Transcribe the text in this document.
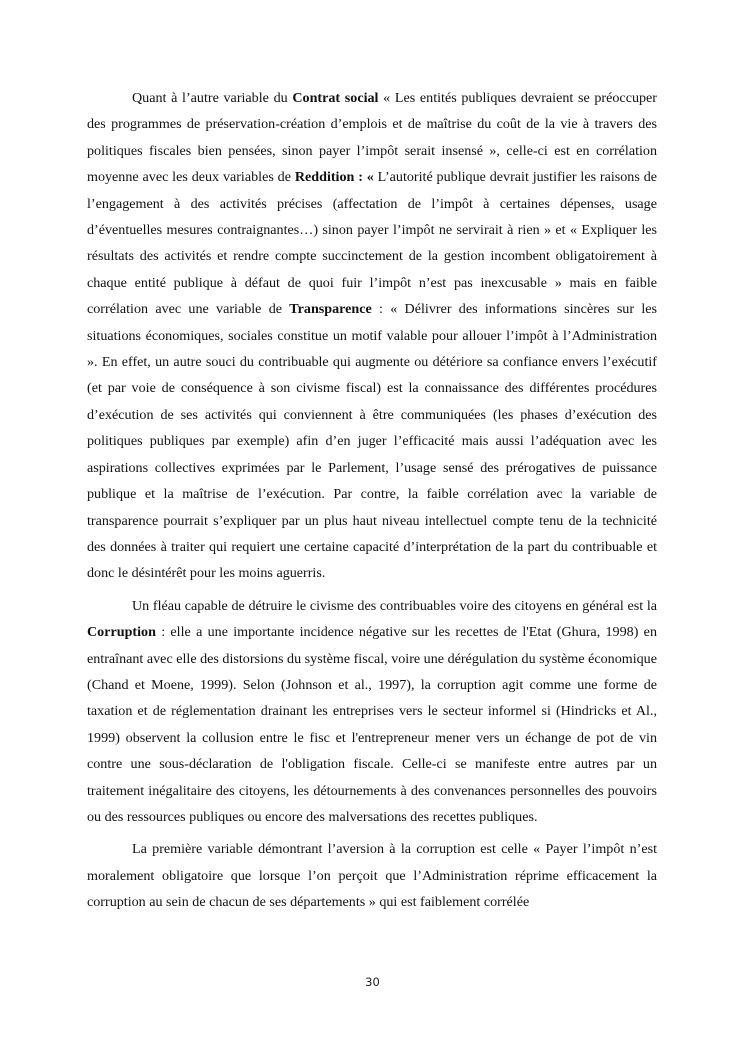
Quant à l’autre variable du Contrat social « Les entités publiques devraient se préoccuper des programmes de préservation-création d’emplois et de maîtrise du coût de la vie à travers des politiques fiscales bien pensées, sinon payer l’impôt serait insensé », celle-ci est en corrélation moyenne avec les deux variables de Reddition : « L’autorité publique devrait justifier les raisons de l’engagement à des activités précises (affectation de l’impôt à certaines dépenses, usage d’éventuelles mesures contraignantes…) sinon payer l’impôt ne servirait à rien » et « Expliquer les résultats des activités et rendre compte succinctement de la gestion incombent obligatoirement à chaque entité publique à défaut de quoi fuir l’impôt n’est pas inexcusable » mais en faible corrélation avec une variable de Transparence : « Délivrer des informations sincères sur les situations économiques, sociales constitue un motif valable pour allouer l’impôt à l’Administration ». En effet, un autre souci du contribuable qui augmente ou détériore sa confiance envers l’exécutif (et par voie de conséquence à son civisme fiscal) est la connaissance des différentes procédures d’exécution de ses activités qui conviennent à être communiquées (les phases d’exécution des politiques publiques par exemple) afin d’en juger l’efficacité mais aussi l’adéquation avec les aspirations collectives exprimées par le Parlement, l’usage sensé des prérogatives de puissance publique et la maîtrise de l’exécution. Par contre, la faible corrélation avec la variable de transparence pourrait s’expliquer par un plus haut niveau intellectuel compte tenu de la technicité des données à traiter qui requiert une certaine capacité d’interprétation de la part du contribuable et donc le désintérêt pour les moins aguerris.

Un fléau capable de détruire le civisme des contribuables voire des citoyens en général est la Corruption : elle a une importante incidence négative sur les recettes de l'Etat (Ghura, 1998) en entraînant avec elle des distorsions du système fiscal, voire une dérégulation du système économique (Chand et Moene, 1999). Selon (Johnson et al., 1997), la corruption agit comme une forme de taxation et de réglementation drainant les entreprises vers le secteur informel si (Hindricks et Al., 1999) observent la collusion entre le fisc et l'entrepreneur mener vers un échange de pot de vin contre une sous-déclaration de l'obligation fiscale. Celle-ci se manifeste entre autres par un traitement inégalitaire des citoyens, les détournements à des convenances personnelles des pouvoirs ou des ressources publiques ou encore des malversations des recettes publiques.

La première variable démontrant l’aversion à la corruption est celle « Payer l’impôt n’est moralement obligatoire que lorsque l’on perçoit que l’Administration réprime efficacement la corruption au sein de chacun de ses départements » qui est faiblement corrélée

30
